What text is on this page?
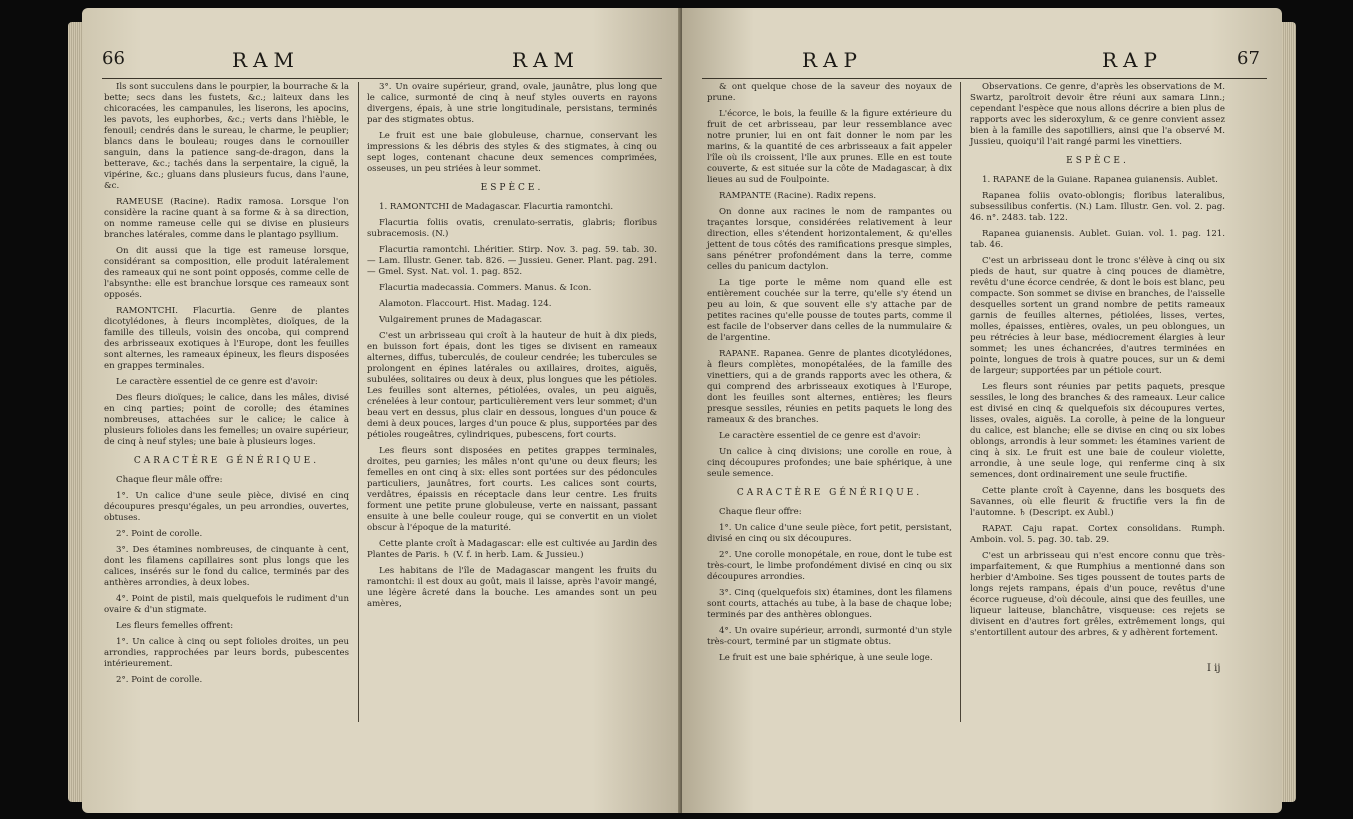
66	RAM	RAM

Ils sont succulens dans le pourpier, la bourrache & la bette; secs dans les fustets, &c.; laiteux dans les chicoracées, les campanules, les liserons, les apocins, les pavots, les euphorbes, &c.; verts dans l'hièble, le fenouil; cendrés dans le sureau, le charme, le peuplier; blancs dans le bouleau; rouges dans le cornouiller sanguin, dans la patience sang-de-dragon, dans la betterave, &c.; tachés dans la serpentaire, la ciguë, la vipérine, &c.; gluans dans plusieurs fucus, dans l'aune, &c.

RAMEUSE (Racine). Radix ramosa. Lorsque l'on considère la racine quant à sa forme & à sa direction, on nomme rameuse celle qui se divise en plusieurs branches latérales, comme dans le plantago psyllium.

On dit aussi que la tige est rameuse lorsque, considérant sa composition, elle produit latéralement des rameaux qui ne sont point opposés, comme celle de l'absynthe: elle est branchue lorsque ces rameaux sont opposés.

RAMONTCHI. Flacurtia. Genre de plantes dicotylédones, à fleurs incomplètes, dioïques, de la famille des tilleuls, voisin des oncoba, qui comprend des arbrisseaux exotiques à l'Europe, dont les feuilles sont alternes, les rameaux épineux, les fleurs disposées en grappes terminales.

Le caractère essentiel de ce genre est d'avoir:

Des fleurs dioïques; le calice, dans les mâles, divisé en cinq parties; point de corolle; des étamines nombreuses, attachées sur le calice; le calice à plusieurs folioles dans les femelles; un ovaire supérieur, de cinq à neuf styles; une baie à plusieurs loges.

CARACTÈRE GÉNÉRIQUE.

Chaque fleur mâle offre:

1°. Un calice d'une seule pièce, divisé en cinq découpures presqu'égales, un peu arrondies, ouvertes, obtuses.

2°. Point de corolle.

3°. Des étamines nombreuses, de cinquante à cent, dont les filamens capillaires sont plus longs que les calices, insérés sur le fond du calice, terminés par des anthères arrondies, à deux lobes.

4°. Point de pistil, mais quelquefois le rudiment d'un ovaire & d'un stigmate.

Les fleurs femelles offrent:

1°. Un calice à cinq ou sept folioles droites, un peu arrondies, rapprochées par leurs bords, pubescentes intérieurement.

2°. Point de corolle.

3°. Un ovaire supérieur, grand, ovale, jaunâtre, plus long que le calice, surmonté de cinq à neuf styles ouverts en rayons divergens, épais, à une strie longitudinale, persistans, terminés par des stigmates obtus.

Le fruit est une baie globuleuse, charnue, conservant les impressions & les débris des styles & des stigmates, à cinq ou sept loges, contenant chacune deux semences comprimées, osseuses, un peu striées à leur sommet.

ESPÈCE.

1. RAMONTCHI de Madagascar. Flacurtia ramontchi.

Flacurtia foliis ovatis, crenulato-serratis, glabris; floribus subracemosis. (N.)

Flacurtia ramontchi. Lhéritier. Stirp. Nov. 3. pag. 59. tab. 30. — Lam. Illustr. Gener. tab. 826. — Jussieu. Gener. Plant. pag. 291. — Gmel. Syst. Nat. vol. 1. pag. 852.

Flacurtia madecassia. Commers. Manus. & Icon.

Alamoton. Flaccourt. Hist. Madag. 124.

Vulgairement prunes de Madagascar.

C'est un arbrisseau qui croît à la hauteur de huit à dix pieds, en buisson fort épais, dont les tiges se divisent en rameaux alternes, diffus, tuberculés, de couleur cendrée; les tubercules se prolongent en épines latérales ou axillaires, droites, aiguës, subulées, solitaires ou deux à deux, plus longues que les pétioles. Les feuilles sont alternes, pétiolées, ovales, un peu aiguës, crénelées à leur contour, particulièrement vers leur sommet; d'un beau vert en dessus, plus clair en dessous, longues d'un pouce & demi à deux pouces, larges d'un pouce & plus, supportées par des pétioles rougeâtres, cylindriques, pubescens, fort courts.

Les fleurs sont disposées en petites grappes terminales, droites, peu garnies; les mâles n'ont qu'une ou deux fleurs; les femelles en ont cinq à six: elles sont portées sur des pédoncules particuliers, jaunâtres, fort courts. Les calices sont courts, verdâtres, épaissis en réceptacle dans leur centre. Les fruits forment une petite prune globuleuse, verte en naissant, passant ensuite à une belle couleur rouge, qui se convertit en un violet obscur à l'époque de la maturité.

Cette plante croît à Madagascar: elle est cultivée au Jardin des Plantes de Paris. ♄ (V. f. in herb. Lam. & Jussieu.)

Les habitans de l'île de Madagascar mangent les fruits du ramontchi: il est doux au goût, mais il laisse, après l'avoir mangé, une légère âcreté dans la bouche. Les amandes sont un peu amères,

RAP	RAP	67

& ont quelque chose de la saveur des noyaux de prune.

L'écorce, le bois, la feuille & la figure extérieure du fruit de cet arbrisseau, par leur ressemblance avec notre prunier, lui en ont fait donner le nom par les marins, & la quantité de ces arbrisseaux a fait appeler l'île où ils croissent, l'île aux prunes. Elle en est toute couverte, & est située sur la côte de Madagascar, à dix lieues au sud de Foulpointe.

RAMPANTE (Racine). Radix repens.

On donne aux racines le nom de rampantes ou traçantes lorsque, considérées relativement à leur direction, elles s'étendent horizontalement, & qu'elles jettent de tous côtés des ramifications presque simples, sans pénétrer profondément dans la terre, comme celles du panicum dactylon.

La tige porte le même nom quand elle est entièrement couchée sur la terre, qu'elle s'y étend un peu au loin, & que souvent elle s'y attache par de petites racines qu'elle pousse de toutes parts, comme il est facile de l'observer dans celles de la nummulaire & de l'argentine.

RAPANE. Rapanea. Genre de plantes dicotylédones, à fleurs complètes, monopétalées, de la famille des vinettiers, qui a de grands rapports avec les othera, & qui comprend des arbrisseaux exotiques à l'Europe, dont les feuilles sont alternes, entières; les fleurs presque sessiles, réunies en petits paquets le long des rameaux & des branches.

Le caractère essentiel de ce genre est d'avoir:

Un calice à cinq divisions; une corolle en roue, à cinq découpures profondes; une baie sphérique, à une seule semence.

CARACTÈRE GÉNÉRIQUE.

Chaque fleur offre:

1°. Un calice d'une seule pièce, fort petit, persistant, divisé en cinq ou six découpures.

2°. Une corolle monopétale, en roue, dont le tube est très-court, le limbe profondément divisé en cinq ou six découpures arrondies.

3°. Cinq (quelquefois six) étamines, dont les filamens sont courts, attachés au tube, à la base de chaque lobe; terminés par des anthères oblongues.

4°. Un ovaire supérieur, arrondi, surmonté d'un style très-court, terminé par un stigmate obtus.

Le fruit est une baie sphérique, à une seule loge.

Observations. Ce genre, d'après les observations de M. Swartz, paroîtroit devoir être réuni aux samara Linn.; cependant l'espèce que nous allons décrire a bien plus de rapports avec les sideroxylum, & ce genre convient assez bien à la famille des sapotilliers, ainsi que l'a observé M. Jussieu, quoiqu'il l'ait rangé parmi les vinettiers.

ESPÈCE.

1. RAPANE de la Guiane. Rapanea guianensis. Aublet.

Rapanea foliis ovato-oblongis; floribus lateralibus, subsessilibus confertis. (N.) Lam. Illustr. Gen. vol. 2. pag. 46. n°. 2483. tab. 122.

Rapanea guianensis. Aublet. Guian. vol. 1. pag. 121. tab. 46.

C'est un arbrisseau dont le tronc s'élève à cinq ou six pieds de haut, sur quatre à cinq pouces de diamètre, revêtu d'une écorce cendrée, & dont le bois est blanc, peu compacte. Son sommet se divise en branches, de l'aisselle desquelles sortent un grand nombre de petits rameaux garnis de feuilles alternes, pétiolées, lisses, vertes, molles, épaisses, entières, ovales, un peu oblongues, un peu rétrécies à leur base, médiocrement élargies à leur sommet; les unes échancrées, d'autres terminées en pointe, longues de trois à quatre pouces, sur un & demi de largeur; supportées par un pétiole court.

Les fleurs sont réunies par petits paquets, presque sessiles, le long des branches & des rameaux. Leur calice est divisé en cinq & quelquefois six découpures vertes, lisses, ovales, aiguës. La corolle, à peine de la longueur du calice, est blanche; elle se divise en cinq ou six lobes oblongs, arrondis à leur sommet: les étamines varient de cinq à six. Le fruit est une baie de couleur violette, arrondie, à une seule loge, qui renferme cinq à six semences, dont ordinairement une seule fructifie.

Cette plante croît à Cayenne, dans les bosquets des Savannes, où elle fleurit & fructifie vers la fin de l'automne. ♄ (Descript. ex Aubl.)

RAPAT. Caju rapat. Cortex consolidans. Rumph. Amboin. vol. 5. pag. 30. tab. 29.

C'est un arbrisseau qui n'est encore connu que très-imparfaitement, & que Rumphius a mentionné dans son herbier d'Amboine. Ses tiges poussent de toutes parts de longs rejets rampans, épais d'un pouce, revêtus d'une écorce rugueuse, d'où découle, ainsi que des feuilles, une liqueur laiteuse, blanchâtre, visqueuse: ces rejets se divisent en d'autres fort grêles, extrêmement longs, qui s'entortillent autour des arbres, & y adhèrent fortement.

I ij
